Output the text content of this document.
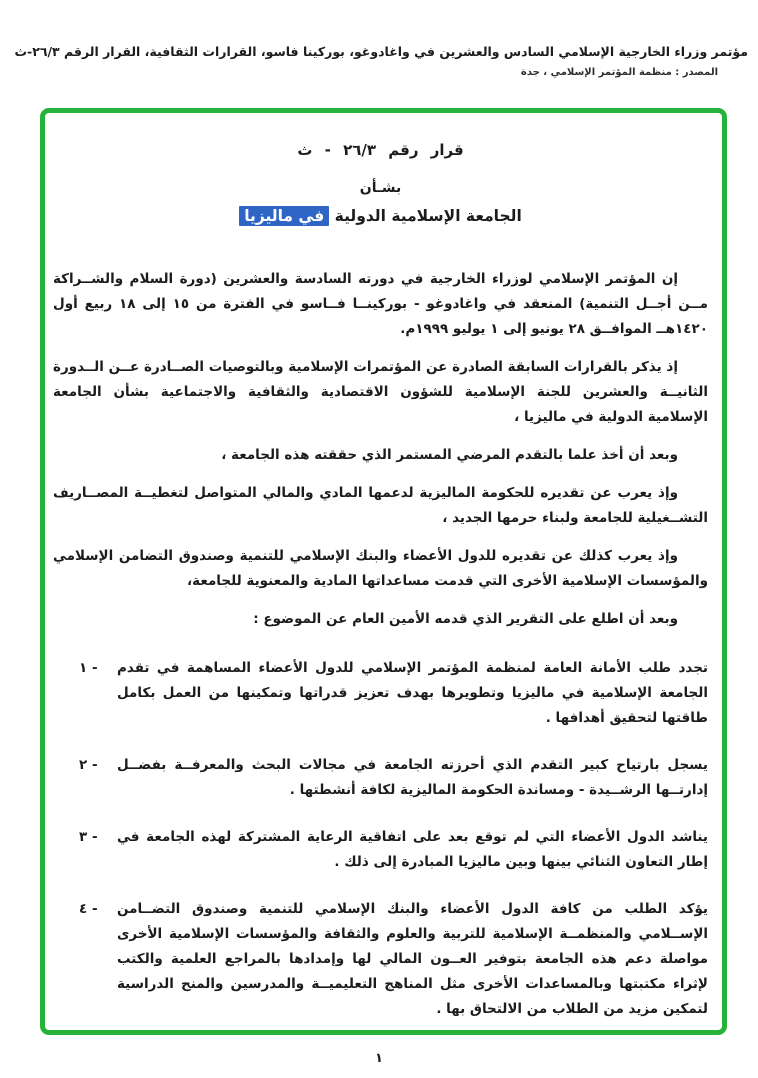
مؤتمر وزراء الخارجية الإسلامي السادس والعشرين في واغادوغو، بوركينا فاسو، القرارات الثقافية، القرار الرقم ٢٦/٣-ث
المصدر : منظمة المؤتمر الإسلامي ، جدة
قرار رقم ٢٦/٣ - ث
بشـأن
الجامعة الإسلامية الدولية في ماليزيا

إن المؤتمر الإسلامي لوزراء الخارجية في دورته السادسة والعشرين (دورة السلام والشــراكة مــن أجــل التنمية) المنعقد في واغادوغو - بوركينــا فــاسو في الفترة من ١٥ إلى ١٨ ربيع أول ١٤٢٠هــ الموافــق ٢٨ يونيو إلى ١ يوليو ١٩٩٩م.

إذ يذكر بالقرارات السابقة الصادرة عن المؤتمرات الإسلامية وبالتوصيات الصــادرة عــن الــدورة الثانيــة والعشرين للجنة الإسلامية للشؤون الاقتصادية والثقافية والاجتماعية بشأن الجامعة الإسلامية الدولية في ماليزيا ،

وبعد أن أخذ علما بالتقدم المرضي المستمر الذي حققته هذه الجامعة ،

وإذ يعرب عن تقديره للحكومة الماليزية لدعمها المادي والمالي المتواصل لتغطيــة المصــاريف التشــغيلية للجامعة ولبناء حرمها الجديد ،

وإذ يعرب كذلك عن تقديره للدول الأعضاء والبنك الإسلامي للتنمية وصندوق التضامن الإسلامي والمؤسسات الإسلامية الأخرى التي قدمت مساعداتها المادية والمعنوية للجامعة،

وبعد أن اطلع على التقرير الذي قدمه الأمين العام عن الموضوع :

١ -	تجدد طلب الأمانة العامة لمنظمة المؤتمر الإسلامي للدول الأعضاء المساهمة في تقدم الجامعة الإسلامية في ماليزيا وتطويرها بهدف تعزيز قدراتها وتمكينها من العمل بكامل طاقتها لتحقيق أهدافها .

٢ -	يسجل بارتياح كبير التقدم الذي أحرزته الجامعة في مجالات البحث والمعرفــة بفضــل إدارتــها الرشــيدة - ومساندة الحكومة الماليزية لكافة أنشطتها .

٣ -	يناشد الدول الأعضاء التي لم توقع بعد على اتفاقية الرعاية المشتركة لهذه الجامعة في إطار التعاون الثنائي بينها وبين ماليزيا المبادرة إلى ذلك .

٤ -	يؤكد الطلب من كافة الدول الأعضاء والبنك الإسلامي للتنمية وصندوق التضــامن الإســلامي والمنظمــة الإسلامية للتربية والعلوم والثقافة والمؤسسات الإسلامية الأخرى مواصلة دعم هذه الجامعة بتوفير العــون المالي لها وإمدادها بالمراجع العلمية والكتب لإثراء مكتبتها وبالمساعدات الأخرى مثل المناهج التعليميــة والمدرسين والمنح الدراسية لتمكين مزيد من الطلاب من الالتحاق بها .

١
